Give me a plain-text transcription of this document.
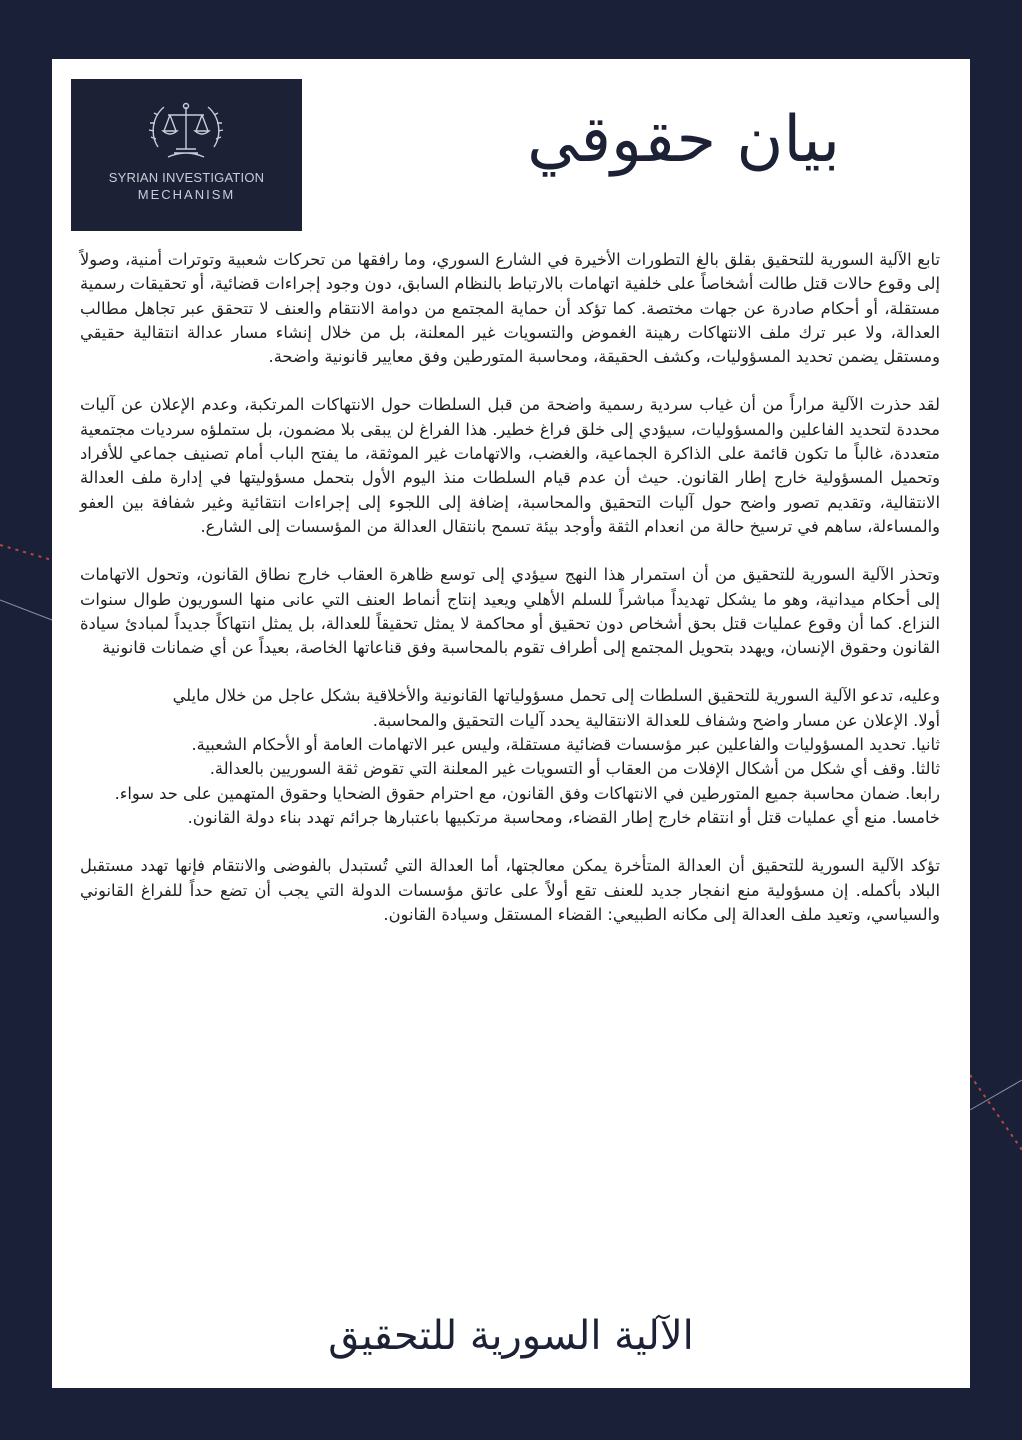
SYRIAN INVESTIGATION
MECHANISM
بيان حقوقي

تابع الآلية السورية للتحقيق بقلق بالغ التطورات الأخيرة في الشارع السوري، وما رافقها من تحركات شعبية وتوترات أمنية، وصولاً إلى وقوع حالات قتل طالت أشخاصاً على خلفية اتهامات بالارتباط بالنظام السابق، دون وجود إجراءات قضائية، أو تحقيقات رسمية مستقلة، أو أحكام صادرة عن جهات مختصة. كما تؤكد أن حماية المجتمع من دوامة الانتقام والعنف لا تتحقق عبر تجاهل مطالب العدالة، ولا عبر ترك ملف الانتهاكات رهينة الغموض والتسويات غير المعلنة، بل من خلال إنشاء مسار عدالة انتقالية حقيقي ومستقل يضمن تحديد المسؤوليات، وكشف الحقيقة، ومحاسبة المتورطين وفق معايير قانونية واضحة.

لقد حذرت الآلية مراراً من أن غياب سردية رسمية واضحة من قبل السلطات حول الانتهاكات المرتكبة، وعدم الإعلان عن آليات محددة لتحديد الفاعلين والمسؤوليات، سيؤدي إلى خلق فراغ خطير. هذا الفراغ لن يبقى بلا مضمون، بل ستملؤه سرديات مجتمعية متعددة، غالباً ما تكون قائمة على الذاكرة الجماعية، والغضب، والاتهامات غير الموثقة، ما يفتح الباب أمام تصنيف جماعي للأفراد وتحميل المسؤولية خارج إطار القانون. حيث أن عدم قيام السلطات منذ اليوم الأول بتحمل مسؤوليتها في إدارة ملف العدالة الانتقالية، وتقديم تصور واضح حول آليات التحقيق والمحاسبة، إضافة إلى اللجوء إلى إجراءات انتقائية وغير شفافة بين العفو والمساءلة، ساهم في ترسيخ حالة من انعدام الثقة وأوجد بيئة تسمح بانتقال العدالة من المؤسسات إلى الشارع.

وتحذر الآلية السورية للتحقيق من أن استمرار هذا النهج سيؤدي إلى توسع ظاهرة العقاب خارج نطاق القانون، وتحول الاتهامات إلى أحكام ميدانية، وهو ما يشكل تهديداً مباشراً للسلم الأهلي ويعيد إنتاج أنماط العنف التي عانى منها السوريون طوال سنوات النزاع. كما أن وقوع عمليات قتل بحق أشخاص دون تحقيق أو محاكمة لا يمثل تحقيقاً للعدالة، بل يمثل انتهاكاً جديداً لمبادئ سيادة القانون وحقوق الإنسان، ويهدد بتحويل المجتمع إلى أطراف تقوم بالمحاسبة وفق قناعاتها الخاصة، بعيداً عن أي ضمانات قانونية

وعليه، تدعو الآلية السورية للتحقيق السلطات إلى تحمل مسؤولياتها القانونية والأخلاقية بشكل عاجل من خلال مايلي
أولا. الإعلان عن مسار واضح وشفاف للعدالة الانتقالية يحدد آليات التحقيق والمحاسبة.
ثانيا. تحديد المسؤوليات والفاعلين عبر مؤسسات قضائية مستقلة، وليس عبر الاتهامات العامة أو الأحكام الشعبية.
ثالثا. وقف أي شكل من أشكال الإفلات من العقاب أو التسويات غير المعلنة التي تقوض ثقة السوريين بالعدالة.
رابعا. ضمان محاسبة جميع المتورطين في الانتهاكات وفق القانون، مع احترام حقوق الضحايا وحقوق المتهمين على حد سواء.
خامسا. منع أي عمليات قتل أو انتقام خارج إطار القضاء، ومحاسبة مرتكبيها باعتبارها جرائم تهدد بناء دولة القانون.

تؤكد الآلية السورية للتحقيق أن العدالة المتأخرة يمكن معالجتها، أما العدالة التي تُستبدل بالفوضى والانتقام فإنها تهدد مستقبل البلاد بأكمله. إن مسؤولية منع انفجار جديد للعنف تقع أولاً على عاتق مؤسسات الدولة التي يجب أن تضع حداً للفراغ القانوني والسياسي، وتعيد ملف العدالة إلى مكانه الطبيعي: القضاء المستقل وسيادة القانون.

الآلية السورية للتحقيق
